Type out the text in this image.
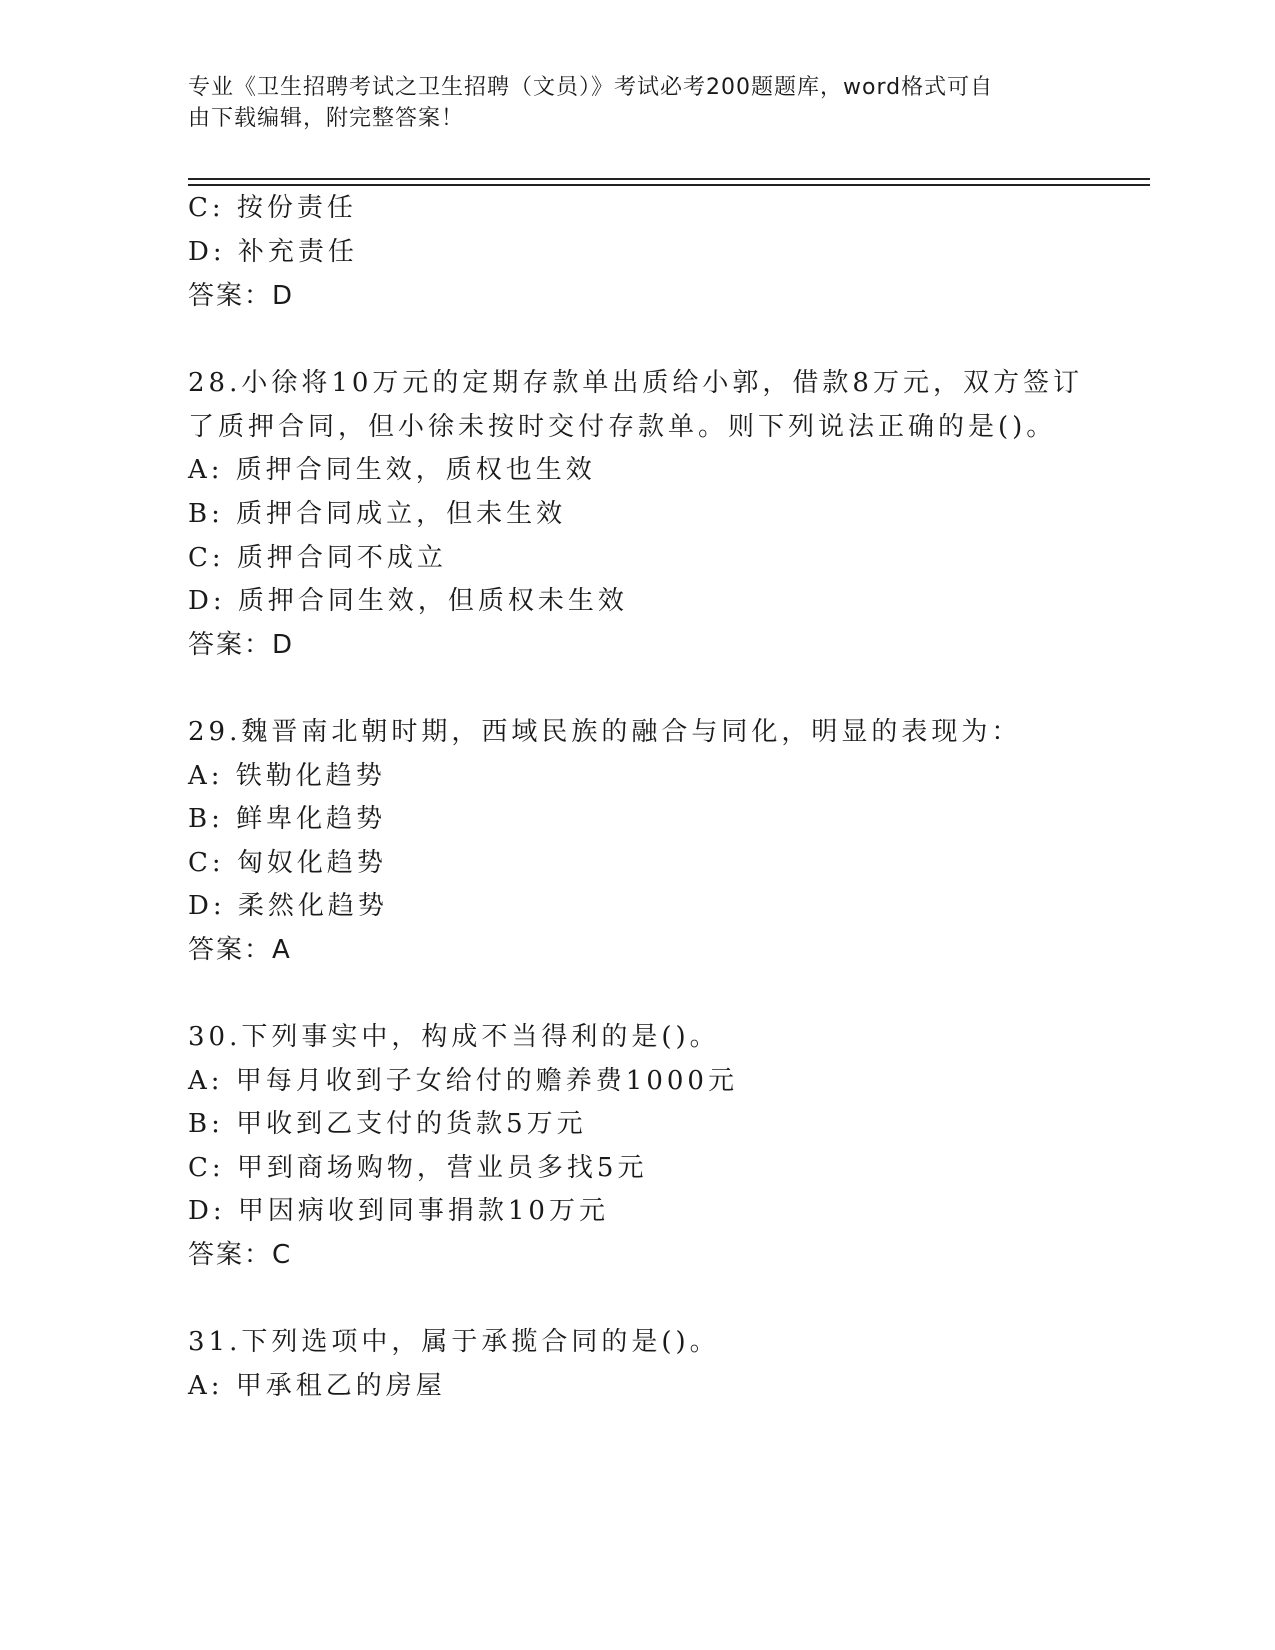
专业《卫生招聘考试之卫生招聘（文员）》考试必考200题题库，word格式可自
由下载编辑，附完整答案！
C: 按份责任
D: 补充责任
答案：D
28.小徐将10万元的定期存款单出质给小郭，借款8万元，双方签订
了质押合同，但小徐未按时交付存款单。则下列说法正确的是()。
A: 质押合同生效，质权也生效
B: 质押合同成立，但未生效
C: 质押合同不成立
D: 质押合同生效，但质权未生效
答案：D
29.魏晋南北朝时期，西域民族的融合与同化，明显的表现为：
A: 铁勒化趋势
B: 鲜卑化趋势
C: 匈奴化趋势
D: 柔然化趋势
答案：A
30.下列事实中，构成不当得利的是()。
A: 甲每月收到子女给付的赡养费1000元
B: 甲收到乙支付的货款5万元
C: 甲到商场购物，营业员多找5元
D: 甲因病收到同事捐款10万元
答案：C
31.下列选项中，属于承揽合同的是()。
A: 甲承租乙的房屋
